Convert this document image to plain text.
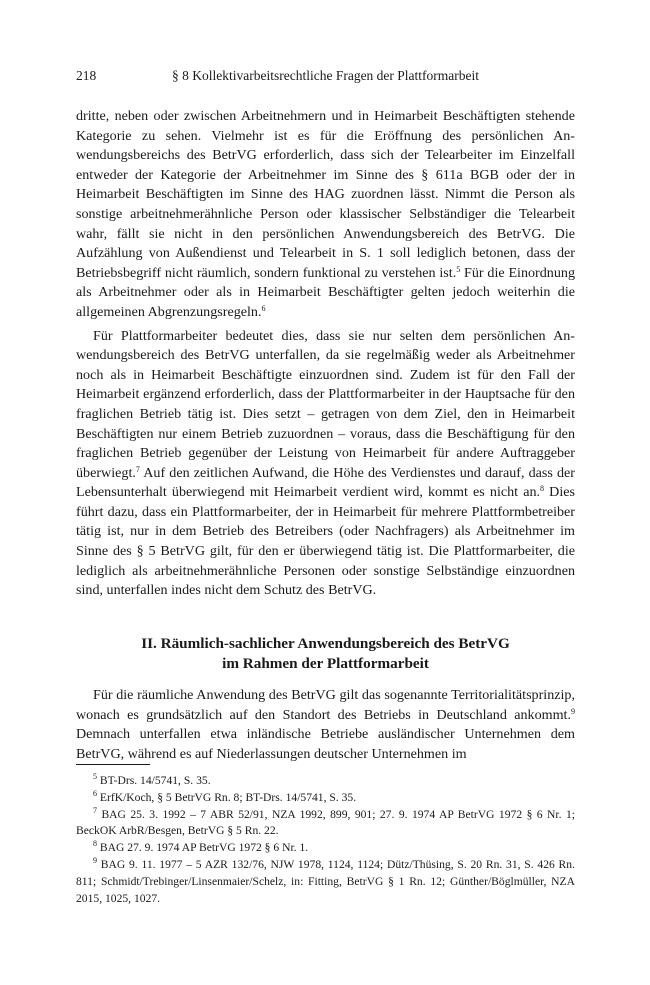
218	§ 8 Kollektivarbeitsrechtliche Fragen der Plattformarbeit

dritte, neben oder zwischen Arbeitnehmern und in Heimarbeit Beschäftigten stehende Kategorie zu sehen. Vielmehr ist es für die Eröffnung des persönlichen Anwendungsbereichs des BetrVG erforderlich, dass sich der Telearbeiter im Einzelfall entweder der Kategorie der Arbeitnehmer im Sinne des § 611a BGB oder der in Heimarbeit Beschäftigten im Sinne des HAG zuordnen lässt. Nimmt die Person als sonstige arbeitnehmerähnliche Person oder klassischer Selbständiger die Telearbeit wahr, fällt sie nicht in den persönlichen Anwendungsbereich des BetrVG. Die Aufzählung von Außendienst und Telearbeit in S. 1 soll lediglich betonen, dass der Betriebsbegriff nicht räumlich, sondern funktional zu verstehen ist.$^5$ Für die Einordnung als Arbeitnehmer oder als in Heimarbeit Beschäftigter gelten jedoch weiterhin die allgemeinen Abgrenzungsregeln.$^6$

Für Plattformarbeiter bedeutet dies, dass sie nur selten dem persönlichen Anwendungsbereich des BetrVG unterfallen, da sie regelmäßig weder als Arbeitnehmer noch als in Heimarbeit Beschäftigte einzuordnen sind. Zudem ist für den Fall der Heimarbeit ergänzend erforderlich, dass der Plattformarbeiter in der Hauptsache für den fraglichen Betrieb tätig ist. Dies setzt – getragen von dem Ziel, den in Heimarbeit Beschäftigten nur einem Betrieb zuzuordnen – voraus, dass die Beschäftigung für den fraglichen Betrieb gegenüber der Leistung von Heimarbeit für andere Auftraggeber überwiegt.$^7$ Auf den zeitlichen Aufwand, die Höhe des Verdienstes und darauf, dass der Lebensunterhalt überwiegend mit Heimarbeit verdient wird, kommt es nicht an.$^8$ Dies führt dazu, dass ein Plattformarbeiter, der in Heimarbeit für mehrere Plattformbetreiber tätig ist, nur in dem Betrieb des Betreibers (oder Nachfragers) als Arbeitnehmer im Sinne des § 5 BetrVG gilt, für den er überwiegend tätig ist. Die Plattformarbeiter, die lediglich als arbeitnehmerähnliche Personen oder sonstige Selbständige einzuordnen sind, unterfallen indes nicht dem Schutz des BetrVG.

II. Räumlich-sachlicher Anwendungsbereich des BetrVG
im Rahmen der Plattformarbeit

Für die räumliche Anwendung des BetrVG gilt das sogenannte Territorialitätsprinzip, wonach es grundsätzlich auf den Standort des Betriebs in Deutschland ankommt.$^9$ Demnach unterfallen etwa inländische Betriebe ausländischer Unternehmen dem BetrVG, während es auf Niederlassungen deutscher Unternehmen im

$^5$ BT-Drs. 14/5741, S. 35.

$^6$ ErfK/Koch, § 5 BetrVG Rn. 8; BT-Drs. 14/5741, S. 35.

$^7$ BAG 25. 3. 1992 – 7 ABR 52/91, NZA 1992, 899, 901; 27. 9. 1974 AP BetrVG 1972 § 6 Nr. 1; BeckOK ArbR/Besgen, BetrVG § 5 Rn. 22.

$^8$ BAG 27. 9. 1974 AP BetrVG 1972 § 6 Nr. 1.

$^9$ BAG 9. 11. 1977 – 5 AZR 132/76, NJW 1978, 1124, 1124; Dütz/Thüsing, S. 20 Rn. 31, S. 426 Rn. 811; Schmidt/Trebinger/Linsenmaier/Schelz, in: Fitting, BetrVG § 1 Rn. 12; Günther/Böglmüller, NZA 2015, 1025, 1027.
